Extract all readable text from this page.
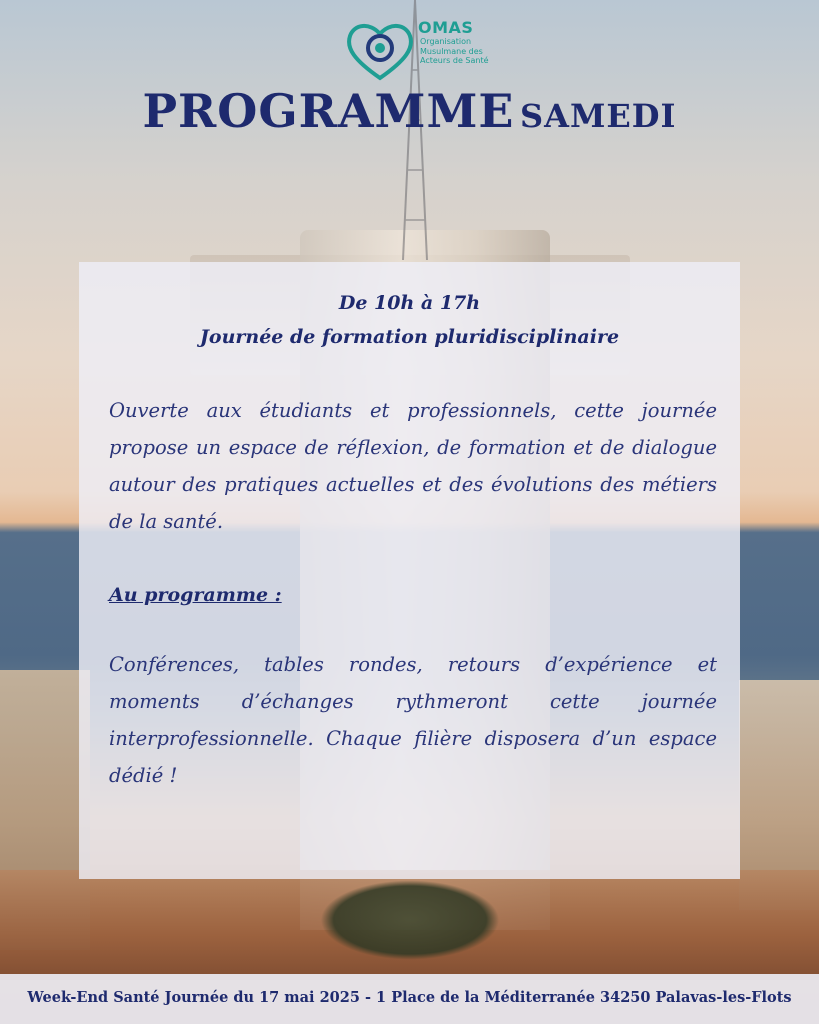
OMAS
Organisation Musulmane des Acteurs de Santé
PROGRAMME SAMEDI
De 10h à 17h
Journée de formation pluridisciplinaire

Ouverte aux étudiants et professionnels, cette journée propose un espace de réflexion, de formation et de dialogue autour des pratiques actuelles et des évolutions des métiers de la santé.

Au programme :

Conférences, tables rondes, retours d’expérience et moments d’échanges rythmeront cette journée interprofessionnelle. Chaque filière disposera d’un espace dédié !

Week-End Santé Journée du 17 mai 2025 - 1 Place de la Méditerranée 34250 Palavas-les-Flots
